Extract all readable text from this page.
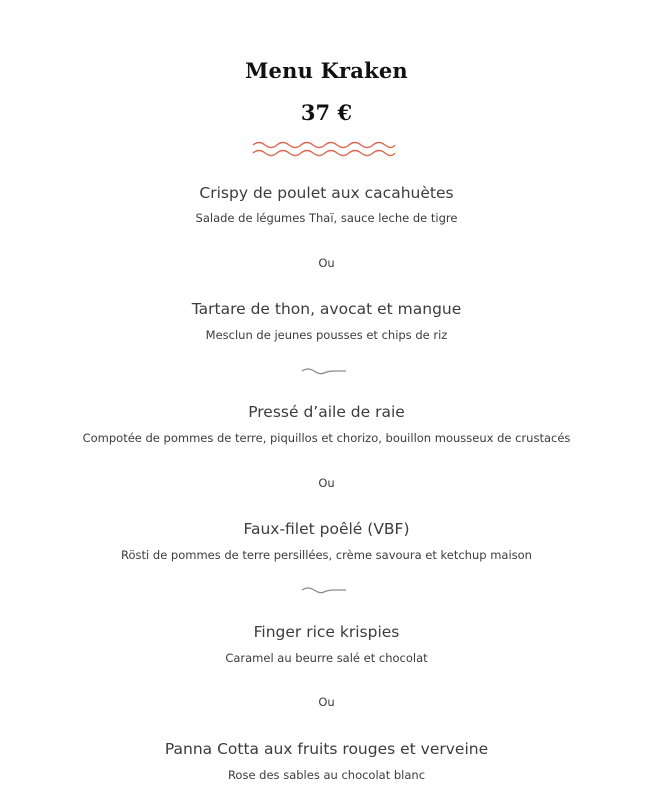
Menu Kraken
37 €
Crispy de poulet aux cacahuètes
Salade de légumes Thaï, sauce leche de tigre
Ou
Tartare de thon, avocat et mangue
Mesclun de jeunes pousses et chips de riz
Pressé d’aile de raie
Compotée de pommes de terre, piquillos et chorizo, bouillon mousseux de crustacés
Ou
Faux-filet poêlé (VBF)
Rösti de pommes de terre persillées, crème savoura et ketchup maison
Finger rice krispies
Caramel au beurre salé et chocolat
Ou
Panna Cotta aux fruits rouges et verveine
Rose des sables au chocolat blanc
